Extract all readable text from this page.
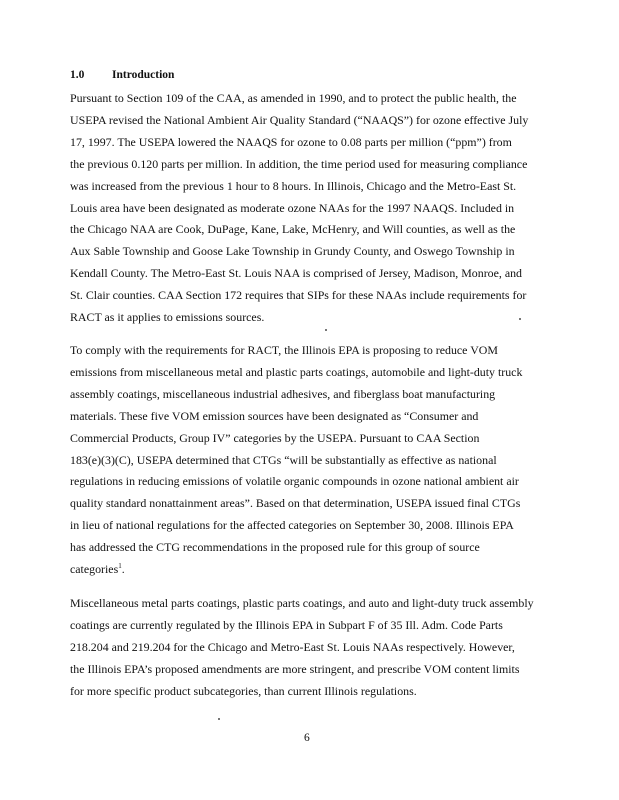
1.0 Introduction
Pursuant to Section 109 of the CAA, as amended in 1990, and to protect the public health, the
USEPA revised the National Ambient Air Quality Standard (“NAAQS”) for ozone effective July
17, 1997. The USEPA lowered the NAAQS for ozone to 0.08 parts per million (“ppm”) from
the previous 0.120 parts per million. In addition, the time period used for measuring compliance
was increased from the previous 1 hour to 8 hours. In Illinois, Chicago and the Metro-East St.
Louis area have been designated as moderate ozone NAAs for the 1997 NAAQS. Included in
the Chicago NAA are Cook, DuPage, Kane, Lake, McHenry, and Will counties, as well as the
Aux Sable Township and Goose Lake Township in Grundy County, and Oswego Township in
Kendall County. The Metro-East St. Louis NAA is comprised of Jersey, Madison, Monroe, and
St. Clair counties. CAA Section 172 requires that SIPs for these NAAs include requirements for
RACT as it applies to emissions sources.
To comply with the requirements for RACT, the Illinois EPA is proposing to reduce VOM
emissions from miscellaneous metal and plastic parts coatings, automobile and light-duty truck
assembly coatings, miscellaneous industrial adhesives, and fiberglass boat manufacturing
materials. These five VOM emission sources have been designated as “Consumer and
Commercial Products, Group IV” categories by the USEPA. Pursuant to CAA Section
183(e)(3)(C), USEPA determined that CTGs “will be substantially as effective as national
regulations in reducing emissions of volatile organic compounds in ozone national ambient air
quality standard nonattainment areas”. Based on that determination, USEPA issued final CTGs
in lieu of national regulations for the affected categories on September 30, 2008. Illinois EPA
has addressed the CTG recommendations in the proposed rule for this group of source
categories$^1$.
Miscellaneous metal parts coatings, plastic parts coatings, and auto and light-duty truck assembly
coatings are currently regulated by the Illinois EPA in Subpart F of 35 Ill. Adm. Code Parts
218.204 and 219.204 for the Chicago and Metro-East St. Louis NAAs respectively. However,
the Illinois EPA’s proposed amendments are more stringent, and prescribe VOM content limits
for more specific product subcategories, than current Illinois regulations.
6
